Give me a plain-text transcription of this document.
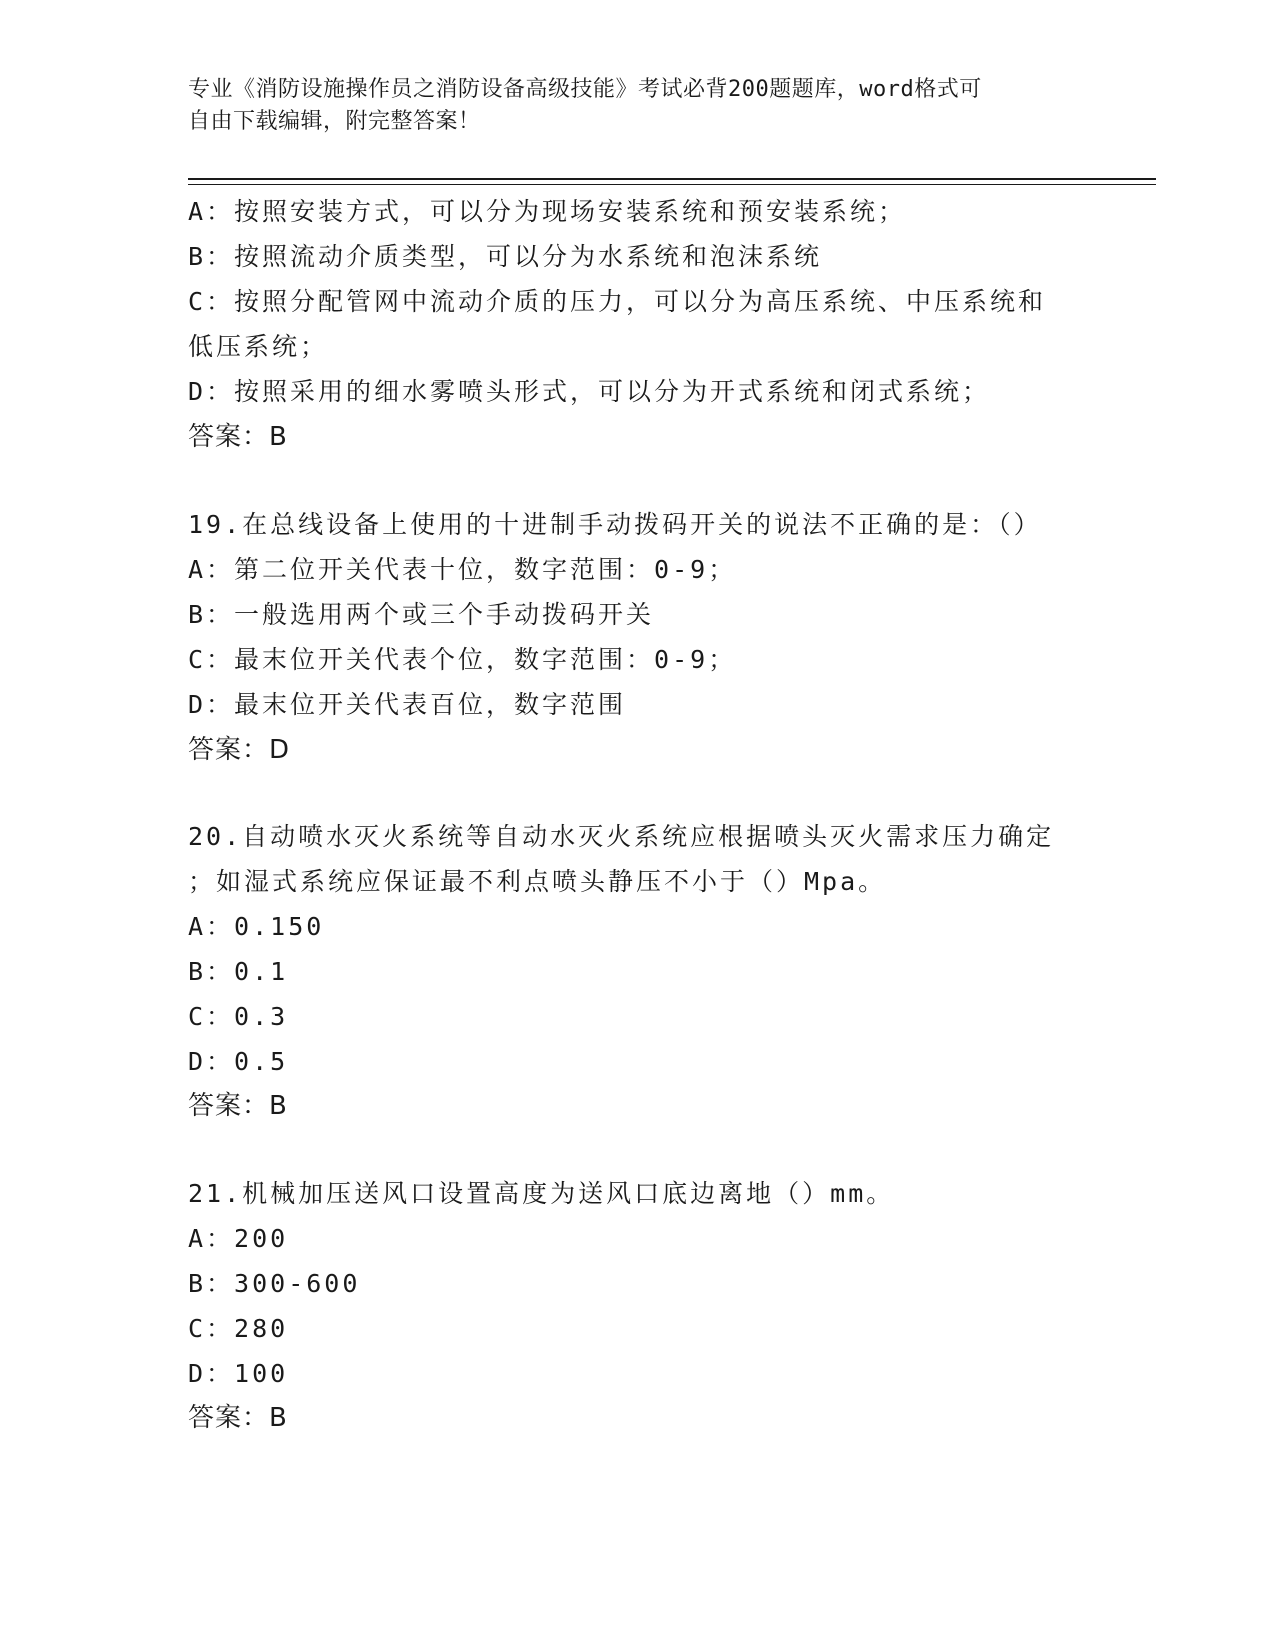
专业《消防设施操作员之消防设备高级技能》考试必背200题题库，word格式可
自由下载编辑，附完整答案！
A：按照安装方式，可以分为现场安装系统和预安装系统；
B：按照流动介质类型，可以分为水系统和泡沫系统
C：按照分配管网中流动介质的压力，可以分为高压系统、中压系统和
低压系统；
D：按照采用的细水雾喷头形式，可以分为开式系统和闭式系统；
答案：B
19.在总线设备上使用的十进制手动拨码开关的说法不正确的是：（）
A：第二位开关代表十位，数字范围：0-9；
B：一般选用两个或三个手动拨码开关
C：最末位开关代表个位，数字范围：0-9；
D：最末位开关代表百位，数字范围
答案：D
20.自动喷水灭火系统等自动水灭火系统应根据喷头灭火需求压力确定
；如湿式系统应保证最不利点喷头静压不小于（）Mpa。
A：0.150
B：0.1
C：0.3
D：0.5
答案：B
21.机械加压送风口设置高度为送风口底边离地（）mm。
A：200
B：300-600
C：280
D：100
答案：B
